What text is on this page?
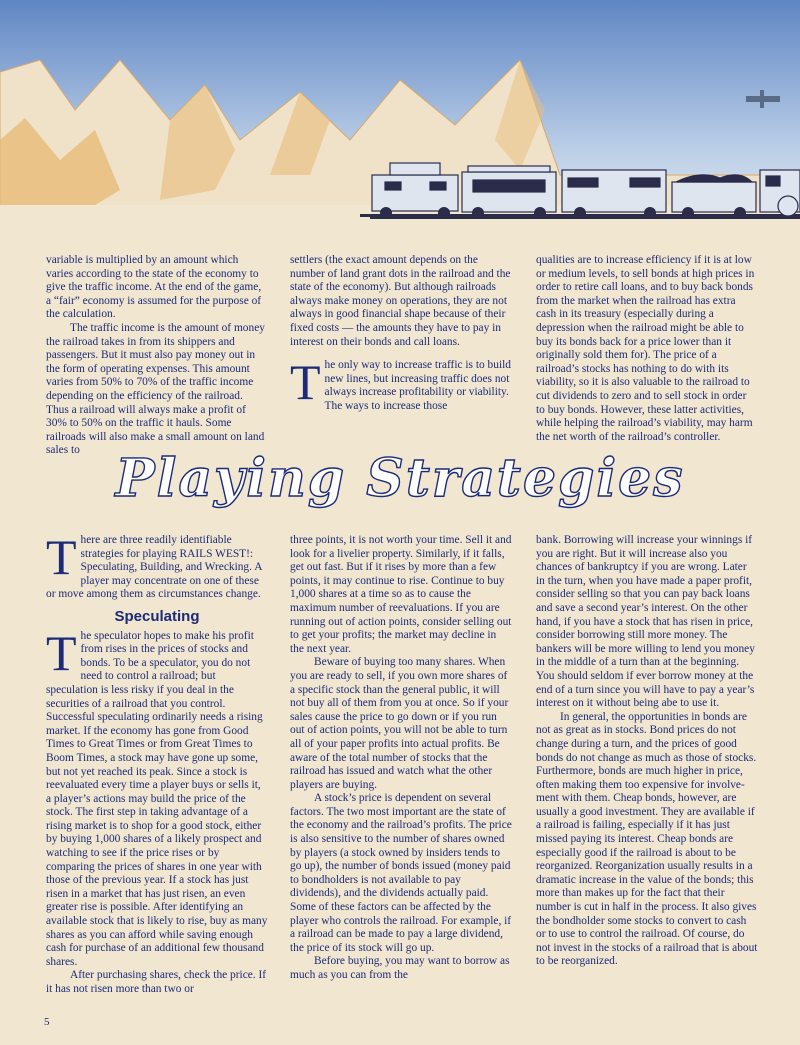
variable is multiplied by an amount which varies according to the state of the economy to give the traffic income. At the end of the game, a “fair” economy is assumed for the purpose of the calculation.

The traffic income is the amount of money the railroad takes in from its shippers and passengers. But it must also pay money out in the form of operating expenses. This amount varies from 50% to 70% of the traffic income depending on the efficiency of the railroad. Thus a railroad will always make a profit of 30% to 50% on the traffic it hauls. Some railroads will also make a small amount on land sales to

settlers (the exact amount depends on the number of land grant dots in the railroad and the state of the economy). But although railroads always make money on operations, they are not always in good financial shape because of their fixed costs — the amounts they have to pay in interest on their bonds and call loans.

The only way to increase traffic is to build new lines, but increasing traffic does not always increase profitability or viability. The ways to increase those

qualities are to increase efficiency if it is at low or medium levels, to sell bonds at high prices in order to retire call loans, and to buy back bonds from the market when the railroad has extra cash in its treasury (especially during a depression when the railroad might be able to buy its bonds back for a price lower than it originally sold them for). The price of a railroad’s stocks has nothing to do with its viability, so it is also valuable to the railroad to cut dividends to zero and to sell stock in order to buy bonds. However, these latter activities, while helping the railroad’s viability, may harm the net worth of the railroad’s controller.

Playing Strategies

There are three readily identifiable strategies for playing RAILS WEST!: Speculating, Building, and Wrecking. A player may concentrate on one of these or move among them as circumstances change.

Speculating

The speculator hopes to make his profit from rises in the prices of stocks and bonds. To be a speculator, you do not need to control a railroad; but speculation is less risky if you deal in the securities of a railroad that you control. Successful speculating ordinarily needs a rising market. If the economy has gone from Good Times to Great Times or from Great Times to Boom Times, a stock may have gone up some, but not yet reached its peak. Since a stock is reevaluated every time a player buys or sells it, a player’s actions may build the price of the stock. The first step in taking advantage of a rising market is to shop for a good stock, either by buying 1,000 shares of a likely prospect and watching to see if the price rises or by comparing the prices of shares in one year with those of the previous year. If a stock has just risen in a market that has just risen, an even greater rise is possible. After identifying an available stock that is likely to rise, buy as many shares as you can afford while saving enough cash for purchase of an additional few thousand shares.

After purchasing shares, check the price. If it has not risen more than two or

three points, it is not worth your time. Sell it and look for a livelier property. Similarly, if it falls, get out fast. But if it rises by more than a few points, it may continue to rise. Continue to buy 1,000 shares at a time so as to cause the maximum number of reevaluations. If you are running out of action points, consider selling out to get your profits; the market may decline in the next year.

Beware of buying too many shares. When you are ready to sell, if you own more shares of a specific stock than the general public, it will not buy all of them from you at once. So if your sales cause the price to go down or if you run out of action points, you will not be able to turn all of your paper profits into actual profits. Be aware of the total number of stocks that the railroad has issued and watch what the other players are buying.

A stock’s price is dependent on several factors. The two most important are the state of the economy and the railroad’s profits. The price is also sensitive to the number of shares owned by players (a stock owned by insiders tends to go up), the number of bonds issued (money paid to bondholders is not available to pay dividends), and the dividends actually paid. Some of these factors can be affected by the player who controls the railroad. For example, if a railroad can be made to pay a large dividend, the price of its stock will go up.

Before buying, you may want to borrow as much as you can from the

bank. Borrowing will increase your winnings if you are right. But it will increase also you chances of bankruptcy if you are wrong. Later in the turn, when you have made a paper profit, consider selling so that you can pay back loans and save a second year’s interest. On the other hand, if you have a stock that has risen in price, consider borrowing still more money. The bankers will be more willing to lend you money in the middle of a turn than at the beginning. You should seldom if ever borrow money at the end of a turn since you will have to pay a year’s interest on it without being abe to use it.

In general, the opportunities in bonds are not as great as in stocks. Bond prices do not change during a turn, and the prices of good bonds do not change as much as those of stocks. Furthermore, bonds are much higher in price, often making them too expensive for involve-ment with them. Cheap bonds, however, are usually a good investment. They are available if a railroad is failing, especially if it has just missed paying its interest. Cheap bonds are especially good if the railroad is about to be reorganized. Reorganization usually results in a dramatic increase in the value of the bonds; this more than makes up for the fact that their number is cut in half in the process. It also gives the bondholder some stocks to convert to cash or to use to control the railroad. Of course, do not invest in the stocks of a railroad that is about to be reorganized.

5
